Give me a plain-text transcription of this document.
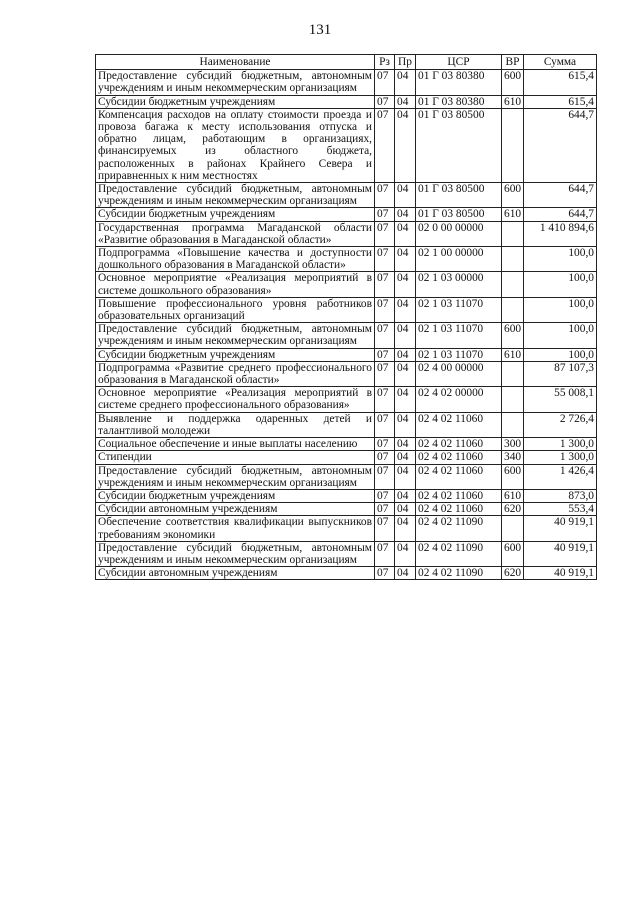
131
Наименование	Рз	Пр	ЦСР	ВР	Сумма
Предоставление субсидий бюджетным, автономным учреждениям и иным некоммерческим организациям	07	04	01 Г 03 80380	600	615,4
Субсидии бюджетным учреждениям	07	04	01 Г 03 80380	610	615,4
Компенсация расходов на оплату стоимости проезда и провоза багажа к месту использования отпуска и обратно лицам, работающим в организациях, финансируемых из областного бюджета, расположенных в районах Крайнего Севера и приравненных к ним местностях	07	04	01 Г 03 80500		644,7
Предоставление субсидий бюджетным, автономным учреждениям и иным некоммерческим организациям	07	04	01 Г 03 80500	600	644,7
Субсидии бюджетным учреждениям	07	04	01 Г 03 80500	610	644,7
Государственная программа Магаданской области «Развитие образования в Магаданской области»	07	04	02 0 00 00000		1 410 894,6
Подпрограмма «Повышение качества и доступности дошкольного образования в Магаданской области»	07	04	02 1 00 00000		100,0
Основное мероприятие «Реализация мероприятий в системе дошкольного образования»	07	04	02 1 03 00000		100,0
Повышение профессионального уровня работников образовательных организаций	07	04	02 1 03 11070		100,0
Предоставление субсидий бюджетным, автономным учреждениям и иным некоммерческим организациям	07	04	02 1 03 11070	600	100,0
Субсидии бюджетным учреждениям	07	04	02 1 03 11070	610	100,0
Подпрограмма «Развитие среднего профессионального образования в Магаданской области»	07	04	02 4 00 00000		87 107,3
Основное мероприятие «Реализация мероприятий в системе среднего профессионального образования»	07	04	02 4 02 00000		55 008,1
Выявление и поддержка одаренных детей и талантливой молодежи	07	04	02 4 02 11060		2 726,4
Социальное обеспечение и иные выплаты населению	07	04	02 4 02 11060	300	1 300,0
Стипендии	07	04	02 4 02 11060	340	1 300,0
Предоставление субсидий бюджетным, автономным учреждениям и иным некоммерческим организациям	07	04	02 4 02 11060	600	1 426,4
Субсидии бюджетным учреждениям	07	04	02 4 02 11060	610	873,0
Субсидии автономным учреждениям	07	04	02 4 02 11060	620	553,4
Обеспечение соответствия квалификации выпускников требованиям экономики	07	04	02 4 02 11090		40 919,1
Предоставление субсидий бюджетным, автономным учреждениям и иным некоммерческим организациям	07	04	02 4 02 11090	600	40 919,1
Субсидии автономным учреждениям	07	04	02 4 02 11090	620	40 919,1
